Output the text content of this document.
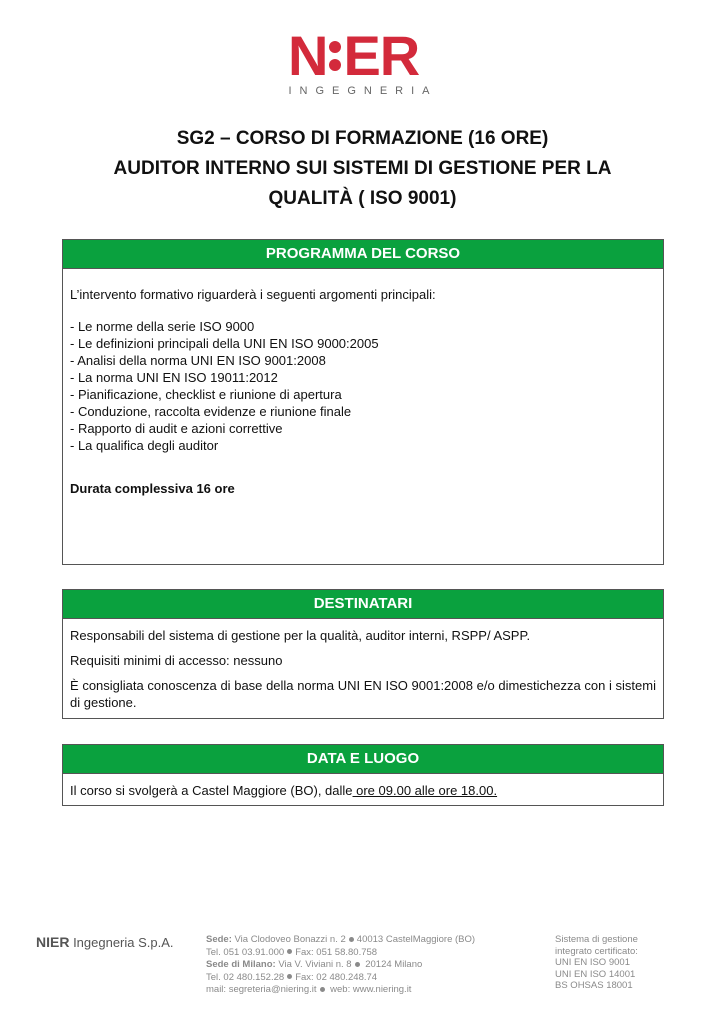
N ER
INGEGNERIA
SG2 – CORSO DI FORMAZIONE (16 ORE)
AUDITOR INTERNO SUI SISTEMI DI GESTIONE PER LA
QUALITÀ ( ISO 9001)
PROGRAMMA DEL CORSO

L’intervento formativo riguarderà i seguenti argomenti principali:

- Le norme della serie ISO 9000

- Le definizioni principali della UNI EN ISO 9000:2005

- Analisi della norma UNI EN ISO 9001:2008

- La norma UNI EN ISO 19011:2012

- Pianificazione, checklist e riunione di apertura

- Conduzione, raccolta evidenze e riunione finale

- Rapporto di audit e azioni correttive

- La qualifica degli auditor

Durata complessiva 16 ore

DESTINATARI

Responsabili del sistema di gestione per la qualità, auditor interni, RSPP/ ASPP.

Requisiti minimi di accesso: nessuno

È consigliata conoscenza di base della norma UNI EN ISO 9001:2008 e/o dimestichezza con i sistemi di gestione.

DATA E LUOGO

Il corso si svolgerà a Castel Maggiore (BO), dalle ore 09.00 alle ore 18.00.

NIER Ingegneria S.p.A.	Sede: Via Clodoveo Bonazzi n. 2 40013 CastelMaggiore (BO)
Tel. 051 03.91.000 Fax: 051 58.80.758
Sede di Milano: Via V. Viviani n. 8 20124 Milano
Tel. 02 480.152.28 Fax: 02 480.248.74
mail: segreteria@niering.it web: www.niering.it
Sistema di gestione
integrato certificato:
UNI EN ISO 9001
UNI EN ISO 14001
BS OHSAS 18001
